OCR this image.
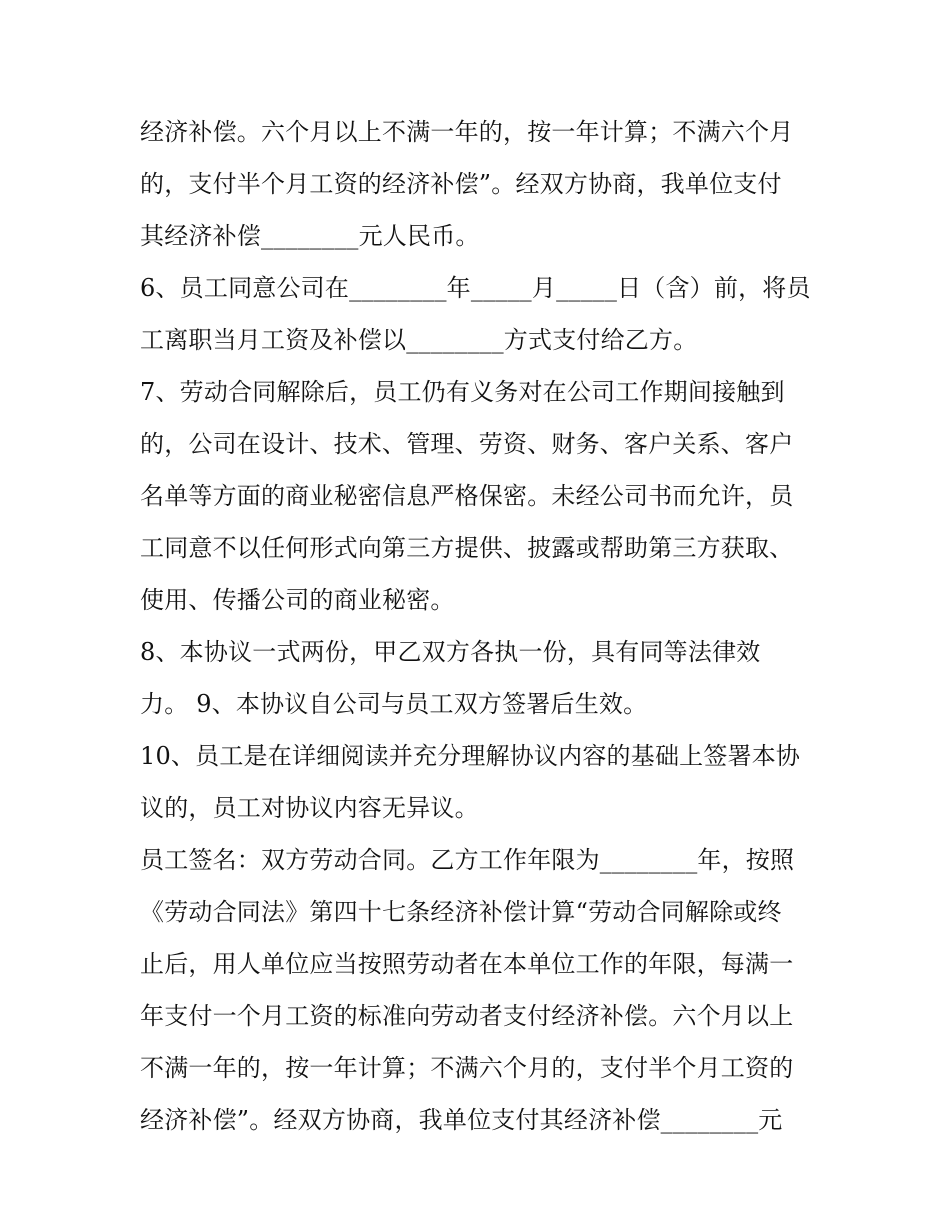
经济补偿。六个月以上不满一年的，按一年计算；不满六个月
的，支付半个月工资的经济补偿”。经双方协商，我单位支付
其经济补偿________元人民币。
6、员工同意公司在________年_____月_____日（含）前，将员
工离职当月工资及补偿以________方式支付给乙方。
7、劳动合同解除后，员工仍有义务对在公司工作期间接触到
的，公司在设计、技术、管理、劳资、财务、客户关系、客户
名单等方面的商业秘密信息严格保密。未经公司书而允许，员
工同意不以任何形式向第三方提供、披露或帮助第三方获取、
使用、传播公司的商业秘密。
8、本协议一式两份，甲乙双方各执一份，具有同等法律效
力。 9、本协议自公司与员工双方签署后生效。
10、员工是在详细阅读并充分理解协议内容的基础上签署本协
议的，员工对协议内容无异议。
员工签名：双方劳动合同。乙方工作年限为________年，按照
《劳动合同法》第四十七条经济补偿计算“劳动合同解除或终
止后，用人单位应当按照劳动者在本单位工作的年限，每满一
年支付一个月工资的标准向劳动者支付经济补偿。六个月以上
不满一年的，按一年计算；不满六个月的，支付半个月工资的
经济补偿”。经双方协商，我单位支付其经济补偿________元
